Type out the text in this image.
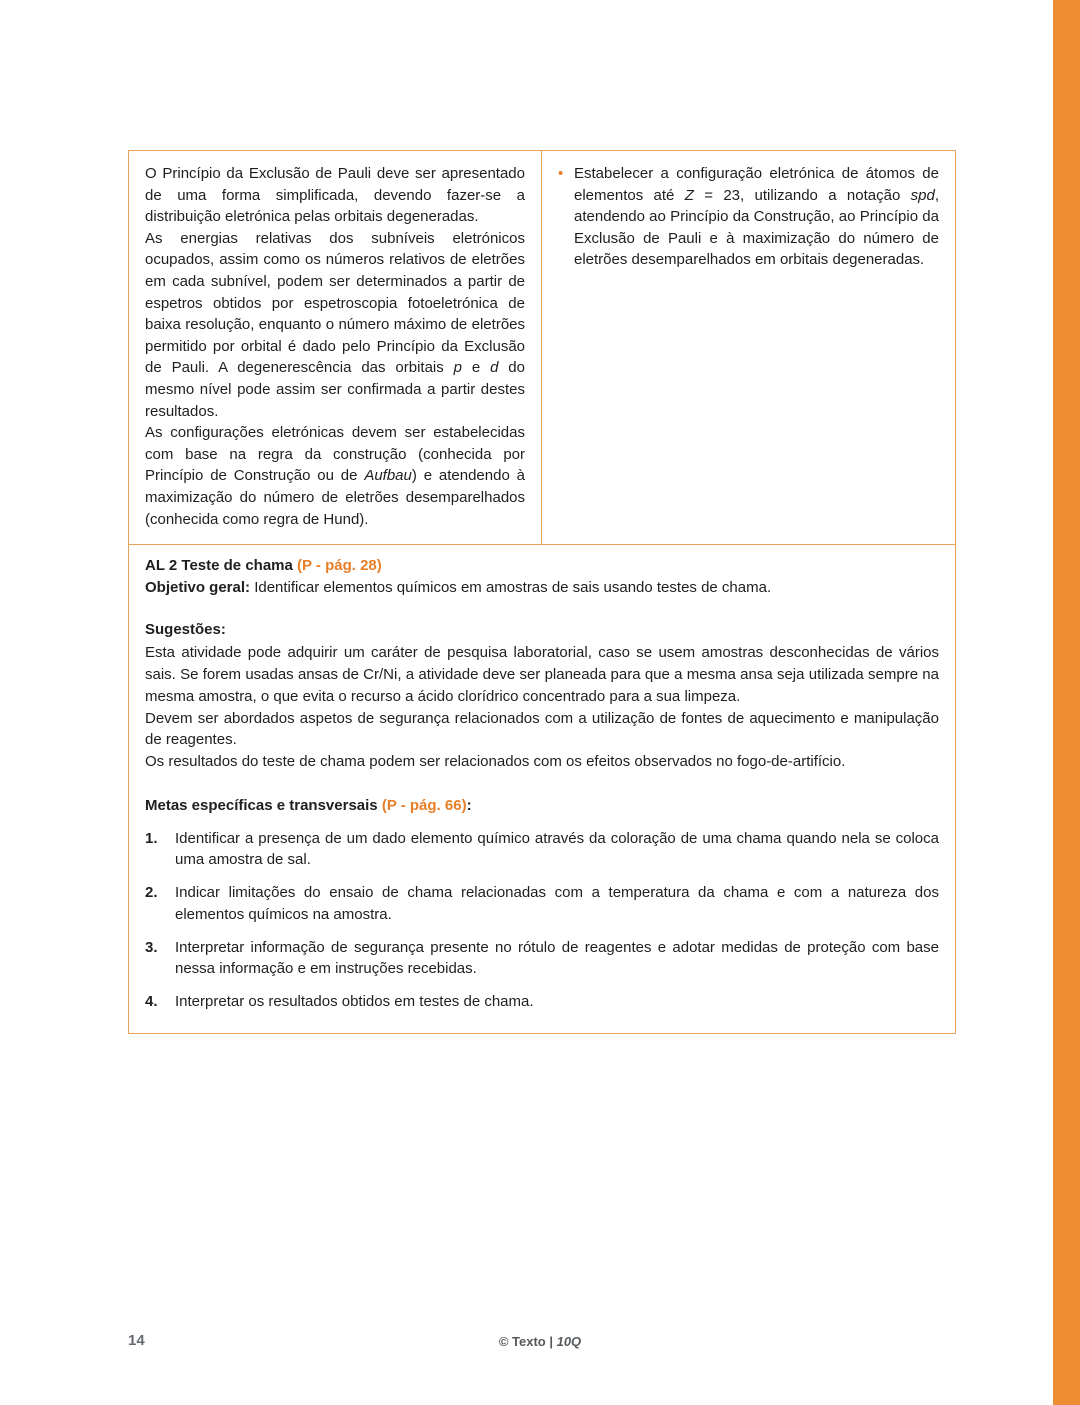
O Princípio da Exclusão de Pauli deve ser apresentado de uma forma simplificada, devendo fazer-se a distribuição eletrónica pelas orbitais degeneradas.

As energias relativas dos subníveis eletrónicos ocupados, assim como os números relativos de eletrões em cada subnível, podem ser determinados a partir de espetros obtidos por espetroscopia fotoeletrónica de baixa resolução, enquanto o número máximo de eletrões permitido por orbital é dado pelo Princípio da Exclusão de Pauli. A degenerescência das orbitais p e d do mesmo nível pode assim ser confirmada a partir destes resultados.

As configurações eletrónicas devem ser estabelecidas com base na regra da construção (conhecida por Princípio de Construção ou de Aufbau) e atendendo à maximização do número de eletrões desemparelhados (conhecida como regra de Hund).

• Estabelecer a configuração eletrónica de átomos de elementos até Z = 23, utilizando a notação spd, atendendo ao Princípio da Construção, ao Princípio da Exclusão de Pauli e à maximização do número de eletrões desemparelhados em orbitais degeneradas.

AL 2 Teste de chama (P - pág. 28)

Objetivo geral: Identificar elementos químicos em amostras de sais usando testes de chama.

Sugestões:

Esta atividade pode adquirir um caráter de pesquisa laboratorial, caso se usem amostras desconhecidas de vários sais. Se forem usadas ansas de Cr/Ni, a atividade deve ser planeada para que a mesma ansa seja utilizada sempre na mesma amostra, o que evita o recurso a ácido clorídrico concentrado para a sua limpeza.

Devem ser abordados aspetos de segurança relacionados com a utilização de fontes de aquecimento e manipulação de reagentes.

Os resultados do teste de chama podem ser relacionados com os efeitos observados no fogo-de-artifício.

Metas específicas e transversais (P - pág. 66):

1.	Identificar a presença de um dado elemento químico através da coloração de uma chama quando nela se coloca uma amostra de sal.
2.	Indicar limitações do ensaio de chama relacionadas com a temperatura da chama e com a natureza dos elementos químicos na amostra.
3.	Interpretar informação de segurança presente no rótulo de reagentes e adotar medidas de proteção com base nessa informação e em instruções recebidas.
4.	Interpretar os resultados obtidos em testes de chama.
14	© Texto | 10Q
